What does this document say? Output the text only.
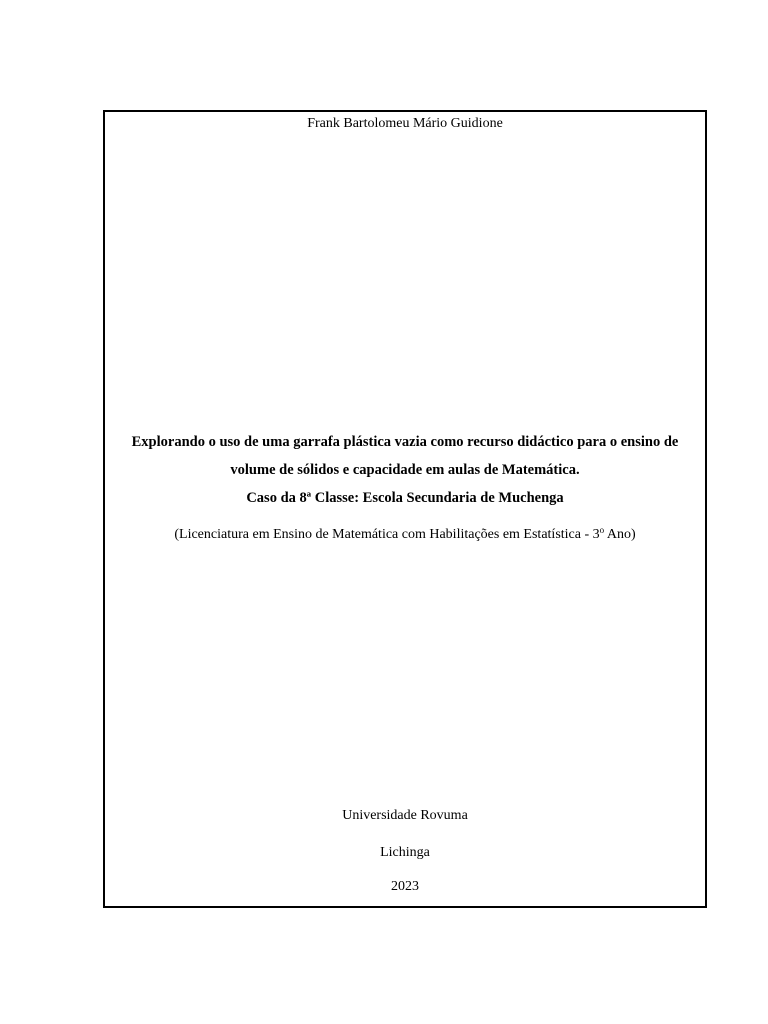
Frank Bartolomeu Mário Guidione
Explorando o uso de uma garrafa plástica vazia como recurso didáctico para o ensino de volume de sólidos e capacidade em aulas de Matemática.
Caso da 8ª Classe: Escola Secundaria de Muchenga
(Licenciatura em Ensino de Matemática com Habilitações em Estatística - 3$^o$ Ano)
Universidade Rovuma
Lichinga
2023
